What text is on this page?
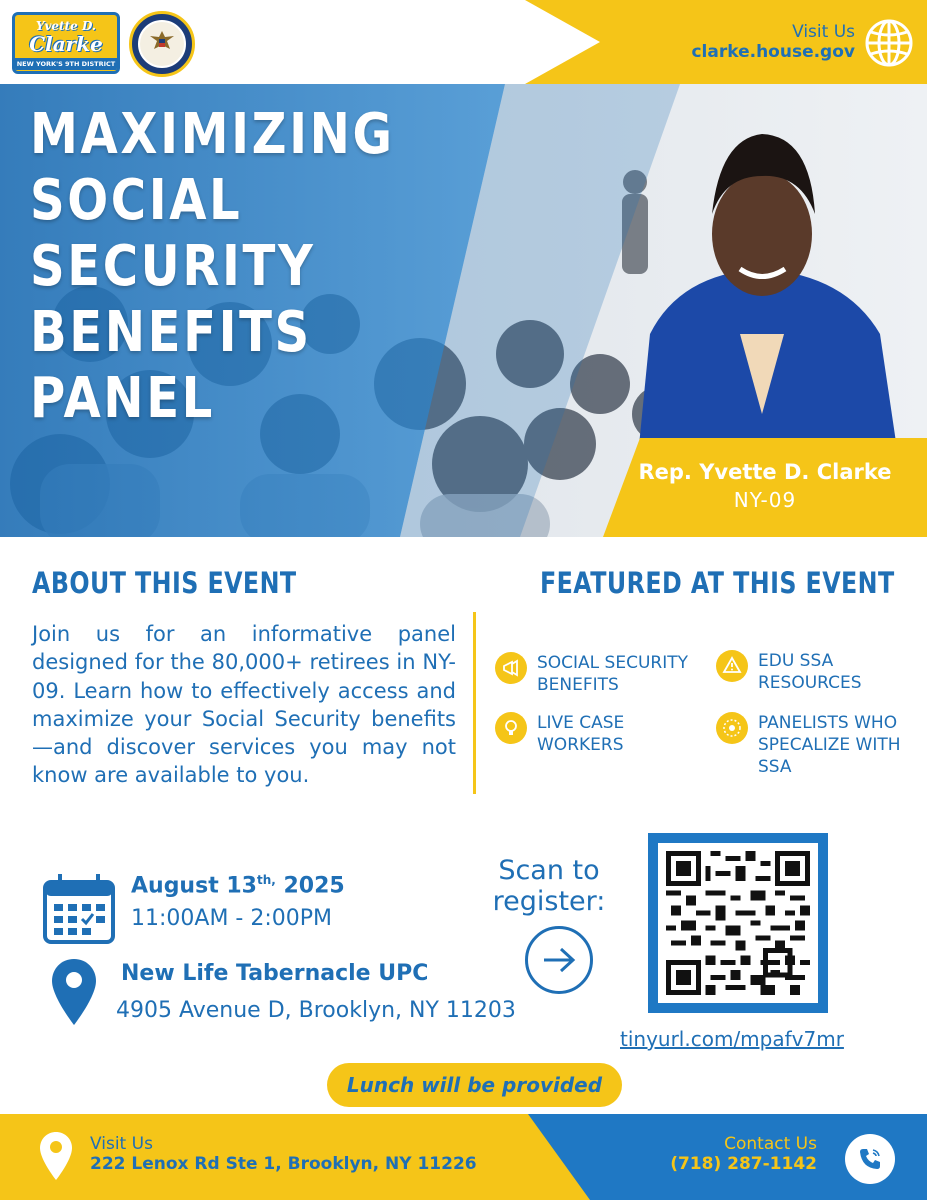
Yvette D.
Clarke
NEW YORK'S 9TH DISTRICT
Visit Us
clarke.house.gov
MAXIMIZING
SOCIAL
SECURITY
BENEFITS
PANEL
Rep. Yvette D. Clarke
NY-09
ABOUT THIS EVENT
Join us for an informative panel designed for the 80,000+ retirees in NY-09. Learn how to effectively access and maximize your Social Security benefits—and discover services you may not know are available to you.
FEATURED AT THIS EVENT
SOCIAL SECURITY BENEFITS
EDU SSA RESOURCES
LIVE CASE WORKERS
PANELISTS WHO SPECALIZE WITH SSA
August $13^{th,}$ 2025
11:00AM - 2:00PM
New Life Tabernacle UPC
4905 Avenue D, Brooklyn, NY 11203
Scan to register:
tinyurl.com/mpafv7mr
Lunch will be provided
Visit Us
222 Lenox Rd Ste 1, Brooklyn, NY 11226
Contact Us
(718) 287-1142
